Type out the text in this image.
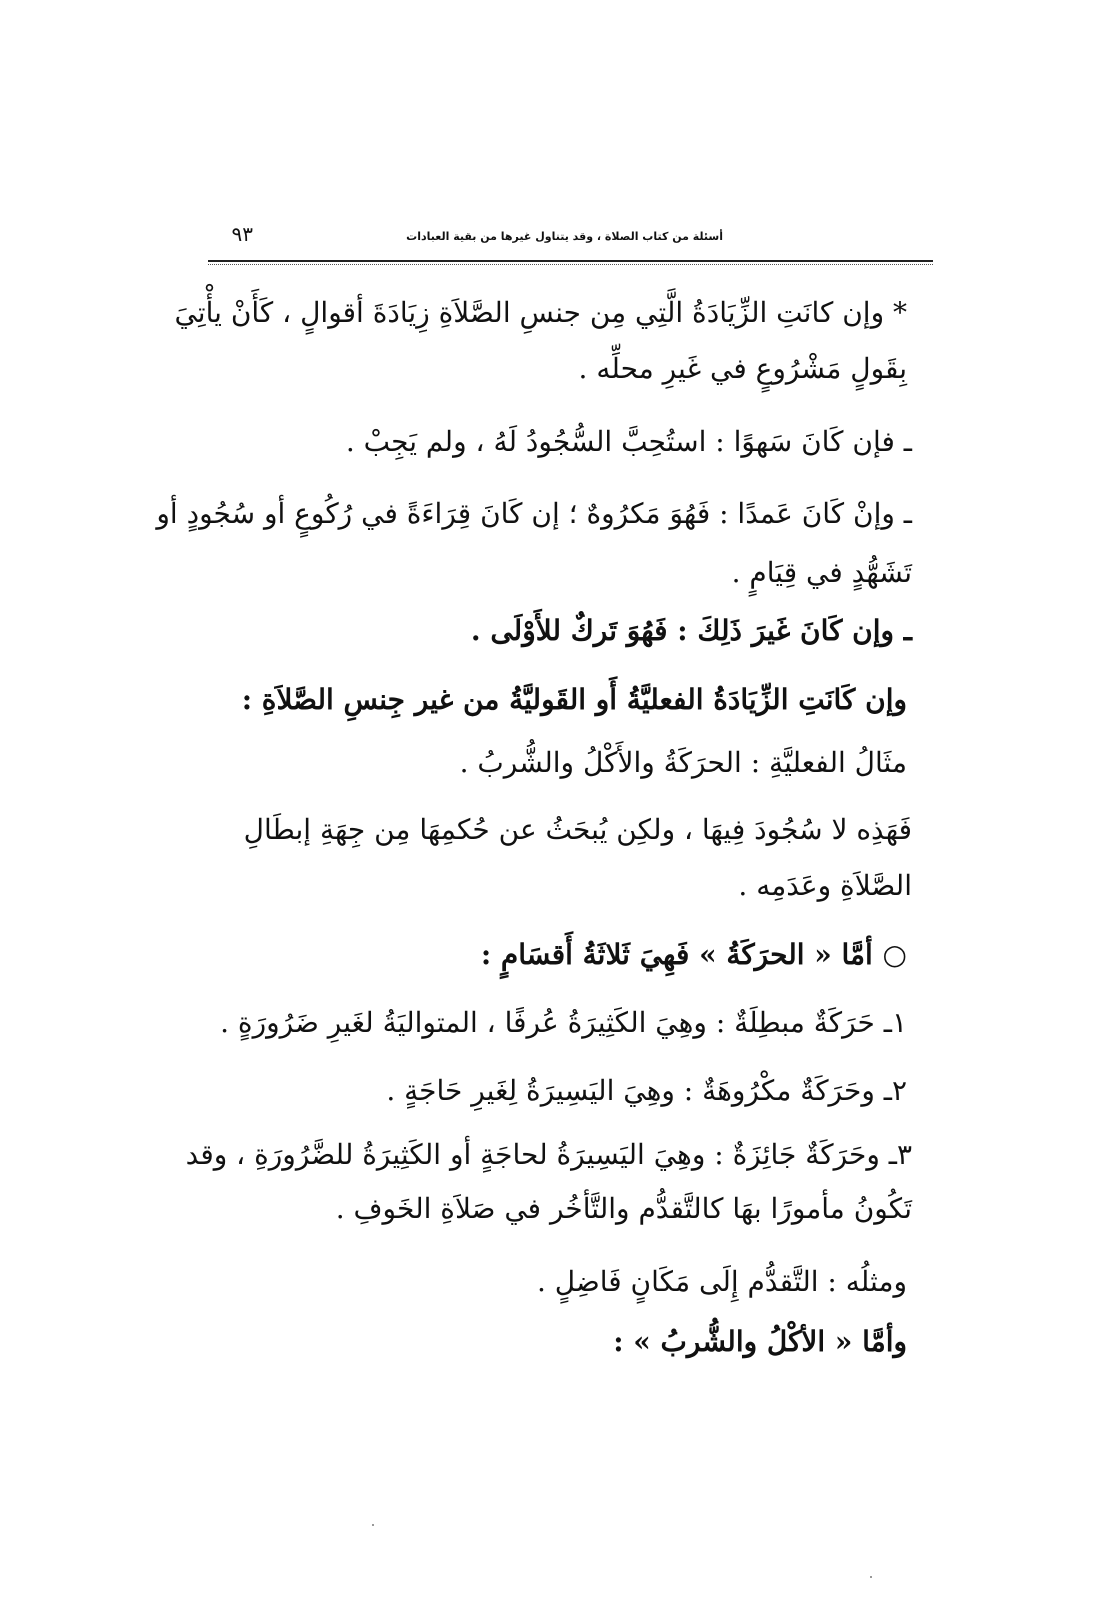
أسئلة من كتاب الصلاة ، وقد يتناول غيرها من بقية العبادات
٩٣
* وإن كانَتِ الزِّيَادَةُ الَّتِي مِن جنسِ الصَّلاَةِ زِيَادَةَ أقوالٍ ، كَأَنْ يأْتِيَ
بِقَولٍ مَشْرُوعٍ في غَيرِ محلِّه .
ـ فإن كَانَ سَهوًا : استُحِبَّ السُّجُودُ لَهُ ، ولم يَجِبْ .
ـ وإنْ كَانَ عَمدًا : فَهُوَ مَكرُوهٌ ؛ إن كَانَ قِرَاءَةً في رُكُوعٍ أو سُجُودٍ أو
تَشَهُّدٍ في قِيَامٍ .
ـ وإن كَانَ غَيرَ ذَلِكَ : فَهُوَ تَركٌ للأَوْلَى .
وإن كَانَتِ الزِّيَادَةُ الفعليَّةُ أَو القَوليَّةُ من غير جِنسِ الصَّلاَةِ :
مثَالُ الفعليَّةِ : الحرَكَةُ والأَكْلُ والشُّربُ .
فَهَذِه لا سُجُودَ فِيهَا ، ولكِن يُبحَثُ عن حُكمِهَا مِن جِهَةِ إبطَالِ
الصَّلاَةِ وعَدَمِه .
○ أمَّا « الحرَكَةُ » فَهِيَ ثَلاثَةُ أَقسَامٍ :
١ـ حَرَكَةٌ مبطِلَةٌ : وهِيَ الكَثِيرَةُ عُرفًا ، المتواليَةُ لغَيرِ ضَرُورَةٍ .
٢ـ وحَرَكَةٌ مكْرُوهَةٌ : وهِيَ اليَسِيرَةُ لِغَيرِ حَاجَةٍ .
٣ـ وحَرَكَةٌ جَائِزَةٌ : وهِيَ اليَسِيرَةُ لحاجَةٍ أو الكَثِيرَةُ للضَّرُورَةِ ، وقد
تَكُونُ مأمورًا بهَا كالتَّقدُّم والتَّأخُر في صَلاَةِ الخَوفِ .
ومثلُه : التَّقدُّم إِلَى مَكَانٍ فَاضِلٍ .
وأمَّا « الأكْلُ والشُّربُ » :
